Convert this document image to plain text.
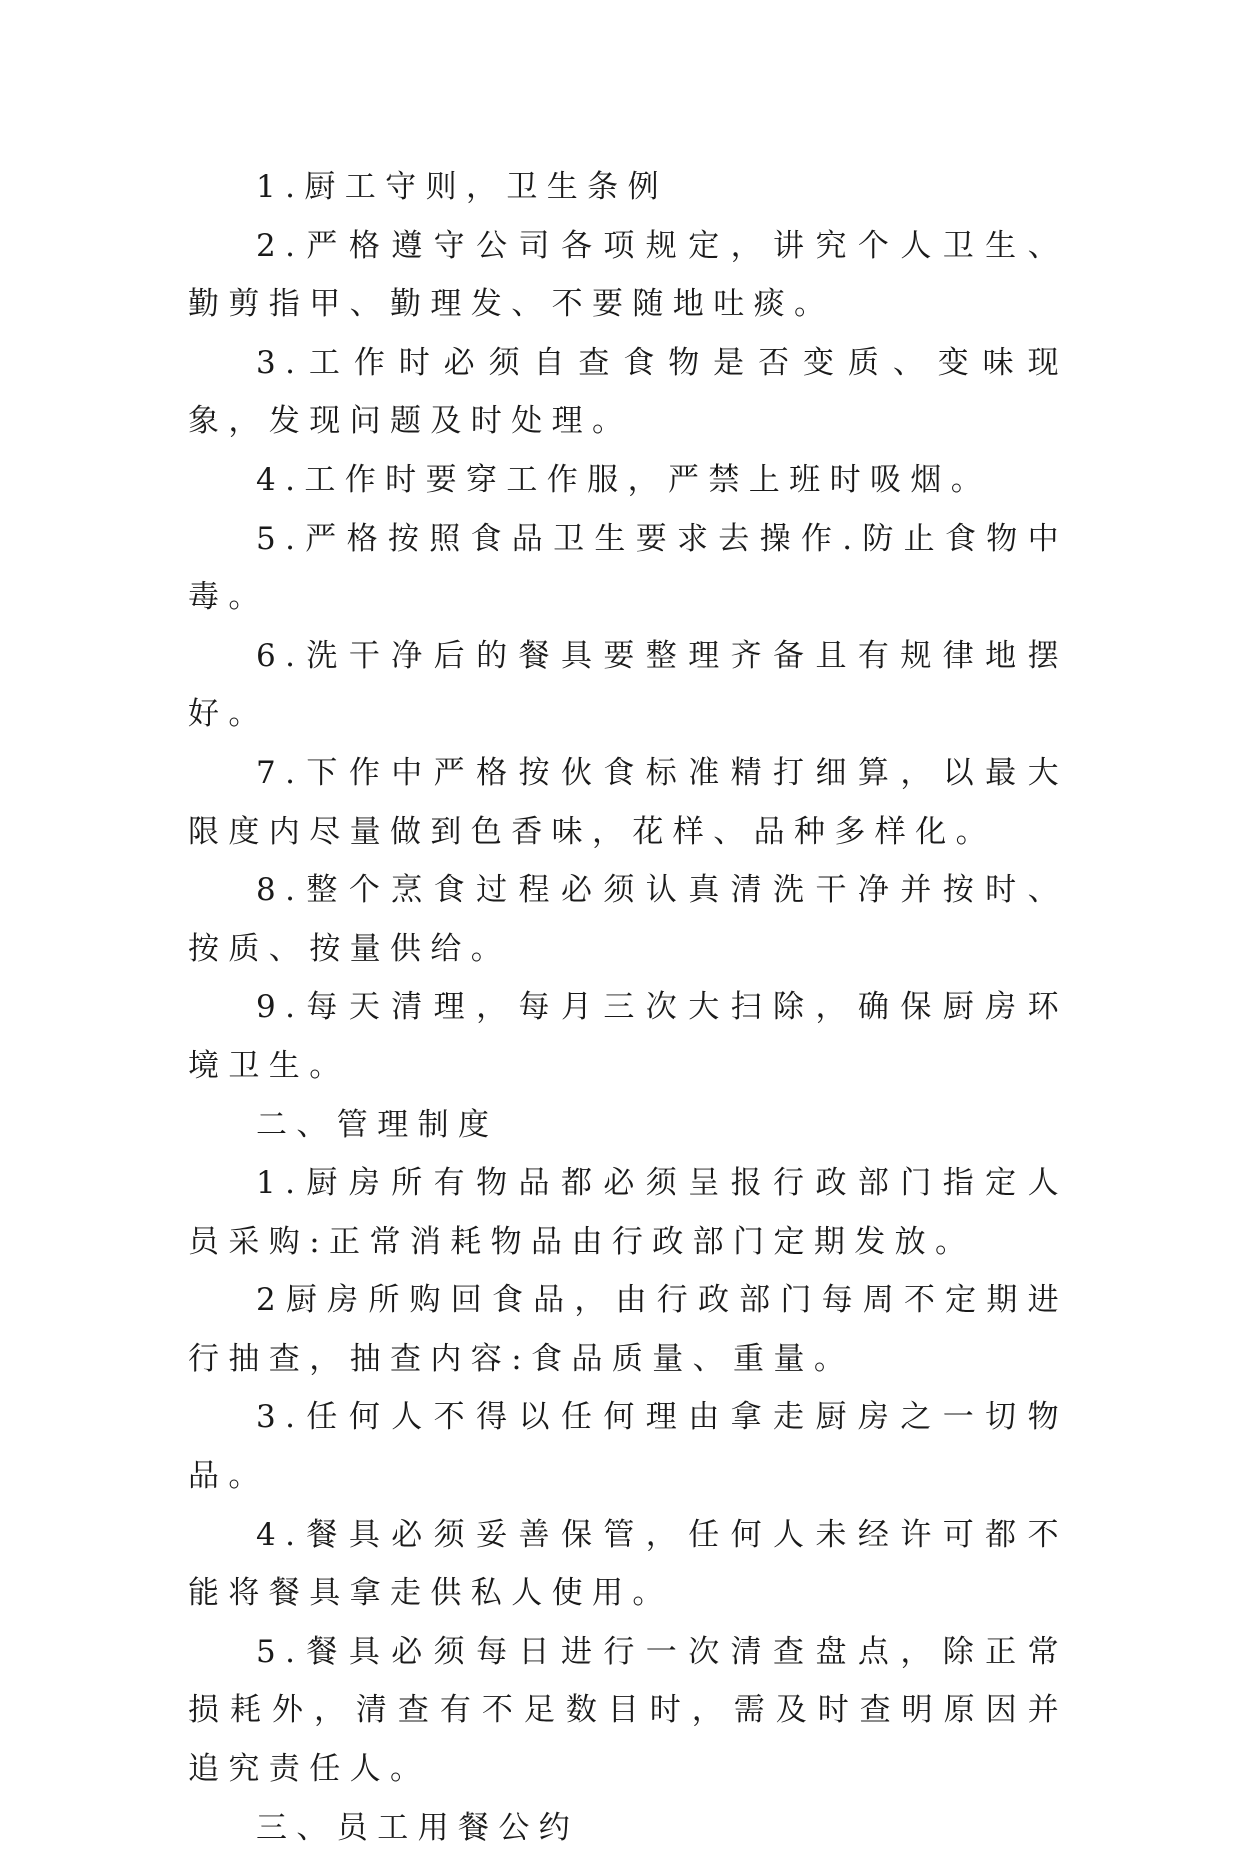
1.厨工守则，卫生条例

2.严格遵守公司各项规定，讲究个人卫生、勤剪指甲、勤理发、不要随地吐痰。

3.工作时必须自查食物是否变质、变味现象，发现问题及时处理。

4.工作时要穿工作服，严禁上班时吸烟。

5.严格按照食品卫生要求去操作.防止食物中毒。

6.洗干净后的餐具要整理齐备且有规律地摆好。

7.下作中严格按伙食标准精打细算，以最大限度内尽量做到色香味，花样、品种多样化。

8.整个烹食过程必须认真清洗干净并按时、按质、按量供给。

9.每天清理，每月三次大扫除，确保厨房环境卫生。

二、管理制度

1.厨房所有物品都必须呈报行政部门指定人员采购:正常消耗物品由行政部门定期发放。

2厨房所购回食品，由行政部门每周不定期进行抽查，抽查内容:食品质量、重量。

3.任何人不得以任何理由拿走厨房之一切物品。

4.餐具必须妥善保管，任何人未经许可都不能将餐具拿走供私人使用。

5.餐具必须每日进行一次清查盘点，除正常损耗外，清查有不足数目时，需及时查明原因并追究责任人。

三、员工用餐公约
